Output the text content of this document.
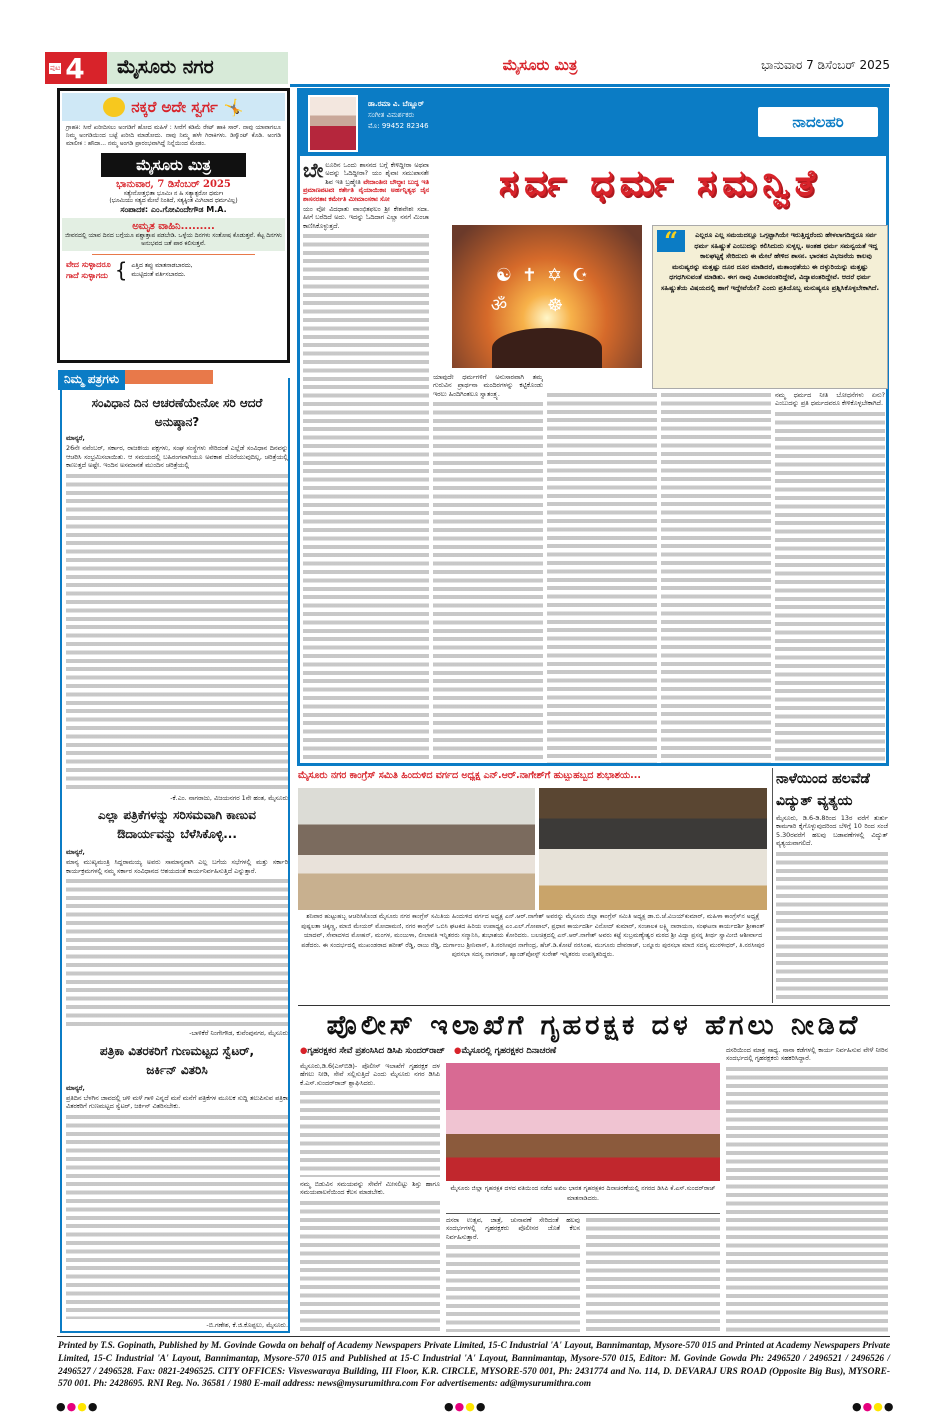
ಪುಟ 4	ಮೈಸೂರು ನಗರ	ಮೈಸೂರು ಮಿತ್ರ	ಭಾನುವಾರ 7 ಡಿಸೆಂಬರ್ 2025
ನಕ್ಕರೆ ಅದೇ ಸ್ವರ್ಗ 🤸
ಗ್ರಾಹಕಿ: ಸೀರೆ ಖರೀದಿಸಲು ಅಂಗಡಿಗೆ ಹೋದ ಮಹಿಳೆ : ಸೀರೆಗೆ ಕಡಿಮೆ ರೇಟ್ ಹಾಕಿ ಸಾರ್. ನಾವು ಯಾವಾಗಲೂ ನಿಮ್ಮ ಅಂಗಡಿಯಿಂದ ಬಟ್ಟೆ ಖರೀದಿ ಮಾಡೋದು. ನಾವು ನಿಮ್ಮ ಹಳೇ ಗಿರಾಕಿಗಳು. ಡಿಸ್ಕೌಂಟ್ ಕೊಡಿ. ಅಂಗಡಿ ಮಾಲೀಕ : ಹೌದಾ... ನಮ್ಮ ಅಂಗಡಿ ಪ್ರಾರಂಭವಾಗಿದ್ದೆ ನಿನ್ನೆಯಿಂದ ಮೇಡಂ.
ಮೈಸೂರು ಮಿತ್ರ
ಭಾನುವಾರ, 7 ಡಿಸೆಂಬರ್ 2025
ಸತ್ಯೇನೋತ್ತಭಿತಾ ಭೂಮಿಃ ನ ಹಿ ಸತ್ಯಾತ್ಪರೋ ಧರ್ಮಃ
(ಭೂಮಿಯು ಸತ್ಯದ ಮೇಲೆ ನಿಂತಿದೆ, ಸತ್ಯಕ್ಕಿಂತ ಮಿಗಿಲಾದ ಧರ್ಮವಿಲ್ಲ)
ಸಂಪಾದಕ: ಎಂ.ಗೋವಿಂದೇಗೌಡ M.A.
ಅಮೃತ ವಾಹಿನಿ.........
ಜೀವನದಲ್ಲಿ ಯಾವ ದಿನದ ಬಗ್ಗೆಯೂ ಪಶ್ಚಾತ್ತಾಪ ಪಡಬೇಡಿ. ಒಳ್ಳೆಯ ದಿನಗಳು ಸಂತೋಷ ಕೊಡುತ್ತವೆ. ಕೆಟ್ಟ ದಿನಗಳು ಅನುಭವದ ಜತೆ ಪಾಠ ಕಲಿಸುತ್ತವೆ.
ವೇದ ಸುಳ್ಳಾದರೂ
ಗಾದೆ ಸುಳ್ಳಾಗದು { ಎತ್ತಿದ ತಪ್ಪು ಮಾತನಾಡಬಾರದು,
ಮುಟ್ಟಿದಂತೆ ವರ್ತಿಸಬಾರದು.
ನಿಮ್ಮ ಪತ್ರಗಳು
ಸಂವಿಧಾನ ದಿನ ಆಚರಣೆಯೇನೋ ಸರಿ ಆದರೆ ಅನುಷ್ಠಾನ?
ಮಾನ್ಯರೆ,
26ನೇ ನವೆಂಬರ್, ಸರ್ಕಾರ, ರಾಜಕೀಯ ಪಕ್ಷಗಳು, ಸಂಘ ಸಂಸ್ಥೆಗಳು ಸೇರಿದಂತೆ ಎಲ್ಲೆಡೆ ಸಂವಿಧಾನ ದಿನವನ್ನು ಆಚರಿಸಿ ಸಂಭ್ರಮಿಸಲಾಯಿತು. ಆ ಸಮಯದಲ್ಲಿ ಬಹಿರಂಗವಾಗಿಯೂ ಅವಕಾಶ ದೊರೆಯುವುದಿಲ್ಲ, ಚರಿತ್ರೆಯಲ್ಲಿ ಕಾಣುತ್ತದೆ ಅಷ್ಟೇ. ಇಂದಿನ ಅಸಮಾನತೆ ಮುಂದಿನ ಚರಿತ್ರೆಯಲ್ಲಿ
-ಕೆ.ಎಂ. ನಾಗರಾಜು, ವಿಜಯನಗರ 1ನೇ ಹಂತ, ಮೈಸೂರು
ಎಲ್ಲಾ ಪತ್ರಿಕೆಗಳನ್ನು ಸರಿಸಮವಾಗಿ ಕಾಣುವ ಔದಾರ್ಯವನ್ನು ಬೆಳೆಸಿಕೊಳ್ಳಿ...
ಮಾನ್ಯರೆ,
ಮಾನ್ಯ ಮುಖ್ಯಮಂತ್ರಿ ಸಿದ್ದರಾಮಯ್ಯ ಅವರು ಸಾಮಾನ್ಯವಾಗಿ ಎಲ್ಲ ಬಗೆಯ ಸಭೆಗಳಲ್ಲಿ ಮತ್ತು ಸರ್ಕಾರಿ ಕಾರ್ಯಕ್ರಮಗಳಲ್ಲಿ ನಮ್ಮ ಸರ್ಕಾರ ಸಂವಿಧಾನದ ಆಶಯದಂತೆ ಕಾರ್ಯನಿರ್ವಹಿಸುತ್ತಿದೆ ಎನ್ನುತ್ತಾರೆ.
-ಬಾಳಿಕೆರೆ ನಿಂಗೇಗೌಡ, ಕುವೆಂಪುನಗರ, ಮೈಸೂರು
ಪತ್ರಿಕಾ ವಿತರಕರಿಗೆ ಗುಣಮಟ್ಟದ ಸ್ವೆಟರ್, ಜರ್ಕಿನ್ ವಿತರಿಸಿ
ಮಾನ್ಯರೆ,
ಪ್ರತಿದಿನ ಬೆಳಗಿನ ಜಾವದಲ್ಲಿ ಚಳಿ ಮಳೆ ಗಾಳಿ ಎನ್ನದೆ ಮನೆ ಮನೆಗೆ ಪತ್ರಿಕೆಗಳ ಮೂಲಕ ಸುದ್ದಿ ತಲುಪಿಸುವ ಪತ್ರಿಕಾ ವಿತರಕರಿಗೆ ಗುಣಮಟ್ಟದ ಸ್ವೆಟರ್, ಜರ್ಕಿನ್ ವಿತರಿಸಬೇಕು.
-ಬಿ.ಗಣೇಶ, ಕೆ.ಜಿ.ಕೊಪ್ಪಲು, ಮೈಸೂರು.
ಡಾ.ರಮಾ ವಿ. ಬೆಣ್ಣೂರ್
ಸಂಗೀತ ವಿಮರ್ಶಕರು
ಮೊ: 99452 82346	ನಾದಲಹರಿ
ಬೇ ಲೂರಿನ ಒಂದು ಶಾಸನದ ಬಗ್ಗೆ ಕೇಳಿದ್ದೀರಾ ಅಥವಾ ಅದನ್ನು ಓದಿದ್ದೀರಾ? ಯಂ ಶೈವಾಃ ಸಮುಪಾಸತೇ ಶಿವ ಇತಿ ಬ್ರಹ್ಮೇತಿ ವೇದಾಂತಿನಃ ಬೌದ್ಧಾಃ ಬುದ್ಧ ಇತಿ ಪ್ರಮಾಣಪಟವಃ ಕರ್ತೇತಿ ನೈಯಾಯಿಕಾಃ ಅರ್ಹನ್ನಿತ್ಯಥ ಜೈನ ಶಾಸನರತಾಃ ಕರ್ಮೇತಿ ಮೀಮಾಂಸಕಾಃ ಸೋ
ಯಂ ವೋ ವಿದಧಾತು ವಾಂಛಿತಫಲಂ ಶ್ರೀ ಕೇಶವೇಶಃ ಸದಾ. ಹೀಗೆ ಬರೆದಿದೆ ಅದು. ಇದನ್ನು ಓದಿದಾಗ ಎಲ್ಲಾ ನನಗೆ ಮಿಂಚಾ ಕಾಣಿಸಿಕೊಳ್ಳುತ್ತದೆ.
ಸರ್ವ ಧರ್ಮ ಸಮನ್ವಿತೆ
☯✝✡☪
ॐ☸
“	ಎಲ್ಲರೂ ಎಲ್ಲ ಸಮಯದಲ್ಲೂ ಒಗ್ಗಟ್ಟಾಗಿಯೇ ಇರುತ್ತಿದ್ದರೆಂದು ಹೇಳಲಾಗದಿದ್ದರೂ ಸರ್ವ ಧರ್ಮ ಸಹಿಷ್ಣುತೆ ಎಂಬುದನ್ನು ಕಲಿಸಿದುದು ಸುಳ್ಳಲ್ಲ. ಅಂತಹ ಧರ್ಮ ಸಮನ್ವಯತೆ ಇದ್ದ ಕಾಲಘಟ್ಟಕ್ಕೆ ಸೇರಿದುದು ಈ ಮೇಲೆ ಹೇಳಿದ ಶಾಸನ. ಭಾರತದ ವಿಭಜನೆಯ ಕಾಲವು ಮನುಷ್ಯರನ್ನು ಮತ್ತಷ್ಟು ದೂರ ದೂರ ಮಾಡಿದರೆ, ಮತಾಂಧತೆಯು ಈ ದಳ್ಳುರಿಯನ್ನು ಮತ್ತಷ್ಟು ಧಗಧಗಿಸುವಂತೆ ಮಾಡಿತು. ಈಗ ನಾವು ವಿಚಾರವಂತರಿದ್ದೇವೆ, ವಿದ್ಯಾವಂತರಿದ್ದೇವೆ. ಆದರೆ ಧರ್ಮ ಸಹಿಷ್ಣುತೆಯ ವಿಷಯದಲ್ಲಿ ಹಾಗೆ ಇದ್ದೇವೆಯೇ? ಎಂದು ಪ್ರತಿಯೊಬ್ಬ ಮನುಷ್ಯನೂ ಪ್ರಶ್ನಿಸಿಕೊಳ್ಳಬೇಕಾಗಿದೆ.
ಯಾವುದೇ ಧರ್ಮಗಳಿಗೆ ಅನುಸಾರವಾಗಿ ತಮ್ಮ ಗುರುವಿನ ಪ್ರಾರ್ಥನಾ ಮಂದಿರಗಳನ್ನು ಕಟ್ಟಿಕೊಂಡು ಇರಲು ಹಿಂದಿಗಿಂತಲೂ ಸ್ವಾತಂತ್ರ್ಯ.	ನಮ್ಮ ಧರ್ಮದ ನೀತಿ ಬೋಧನೆಗಳು ಏನು? ಎಂಬುದನ್ನು ಪ್ರತಿ ಧರ್ಮದವರೂ ಕೇಳಿಕೊಳ್ಳಬೇಕಾಗಿದೆ.
ಮೈಸೂರು ನಗರ ಕಾಂಗ್ರೆಸ್ ಸಮಿತಿ ಹಿಂದುಳಿದ ವರ್ಗದ ಅಧ್ಯಕ್ಷ ಎನ್.ಆರ್.ನಾಗೇಶ್‌ಗೆ ಹುಟ್ಟುಹಬ್ಬದ ಶುಭಾಶಯ...
ಶನಿವಾರ ಹುಟ್ಟುಹಬ್ಬ ಆಚರಿಸಿಕೊಂಡ ಮೈಸೂರು ನಗರ ಕಾಂಗ್ರೆಸ್ ಸಮಿತಿಯ ಹಿಂದುಳಿದ ವರ್ಗದ ಅಧ್ಯಕ್ಷ ಎನ್.ಆರ್.ನಾಗೇಶ್ ಅವರನ್ನು ಮೈಸೂರು ಜಿಲ್ಲಾ ಕಾಂಗ್ರೆಸ್ ಸಮಿತಿ ಅಧ್ಯಕ್ಷ ಡಾ.ಬಿ.ಜೆ.ವಿಜಯ್‌ಕುಮಾರ್, ಮಹಿಳಾ ಕಾಂಗ್ರೆಸ್‌ನ ಅಧ್ಯಕ್ಷೆ ಪುಷ್ಪಲತಾ ಚಿಕ್ಕಣ್ಣ, ಮಾಜಿ ಮೇಯರ್ ಮೋದಾಮಣಿ, ನಗರ ಕಾಂಗ್ರೆಸ್ ಒಬಿಸಿ ಘಟಕದ ಹಿರಿಯ ಉಪಾಧ್ಯಕ್ಷ ಎಂ.ಎಲ್.ಗೋಪಾಲ್, ಪ್ರಧಾನ ಕಾರ್ಯದರ್ಶಿ ವಿನೋದ್ ಕುಮಾರ್, ಸಂಚಾಲಕ ಲಕ್ಷ್ಮಿ ನಾರಾಯಣ, ಸಂಘಟನಾ ಕಾರ್ಯದರ್ಶಿ ಶ್ರೀಕಾಂತ್ ಯಾದವ್, ಸೇವಾದಳದ ಮೋಹನ್, ಮಂಗಳ, ಮಂಜುಳಾ, ಲೀಲಾವತಿ ಇನ್ನಿತರರು ಸನ್ಮಾನಿಸಿ, ಶುಭಾಶಯ ಕೋರಿದರು. ಬಲಚಿತ್ರದಲ್ಲಿ ಎನ್.ಆರ್.ನಾಗೇಶ್ ಅವರು ಕಟ್ಟೆ ಸುಬ್ರಮಣ್ಯೇಶ್ವರ ಮಠದ ಶ್ರೀ ವಿದ್ಯಾ ಪ್ರಸನ್ನ ತೀರ್ಥ ಸ್ವಾಮೀಜಿ ಆಶೀರ್ವಾದ ಪಡೆದರು. ಈ ಸಂದರ್ಭದಲ್ಲಿ ಮುಖಂಡರಾದ ಹರೀಶ್ ರೆಡ್ಡಿ, ರಾಜು ರೆಡ್ಡಿ, ದುರ್ಗಾಂಬ ಶ್ರೀನಿವಾಸ್, ತಿ.ನರಸೀಪುರ ನಾಗೇಂದ್ರ, ಹೆಚ್.ಡಿ.ಕೋಟೆ ನರಸಿಂಹ, ಮುಗೂರು ದೇವರಾಜ್, ಬನ್ನೂರು ಪುರಸಭಾ ಮಾಜಿ ಸದಸ್ಯ ಮುರಳೀಧರ್, ತಿ.ನರಸೀಪುರ ಪುರಸಭಾ ಸದಸ್ಯ ನಾಗರಾಜ್, ಹ್ಯಾಂಡ್‌ಪೋಸ್ಟ್ ಸುರೇಶ್ ಇನ್ನಿತರರು ಉಪಸ್ಥಿತರಿದ್ದರು.
ನಾಳೆಯಿಂದ ಹಲವೆಡೆ ವಿದ್ಯುತ್ ವ್ಯತ್ಯಯ
ಮೈಸೂರು, ಡಿ.6-ಡಿ.8ರಿಂದ 13ರ ವರೆಗೆ ತುರ್ತು ಕಾಮಗಾರಿ ಕೈಗೊಳ್ಳುವುದರಿಂದ ಬೆಳಿಗ್ಗೆ 10 ರಿಂದ ಸಂಜೆ 5.30ರವರೆಗೆ ಹಲವು ಬಡಾವಣೆಗಳಲ್ಲಿ ವಿದ್ಯುತ್ ವ್ಯತ್ಯಯವಾಗಲಿದೆ.
ಪೊಲೀಸ್ ಇಲಾಖೆಗೆ ಗೃಹರಕ್ಷಕ ದಳ ಹೆಗಲು ನೀಡಿದೆ
●ಗೃಹರಕ್ಷಕರ ಸೇವೆ ಪ್ರಶಂಸಿಸಿದ ಡಿಸಿಪಿ ಸುಂದರ್‌ರಾಜ್ ●ಮೈಸೂರಲ್ಲಿ ಗೃಹರಕ್ಷಕರ ದಿನಾಚರಣೆ
ಮೈಸೂರು,ಡಿ.6(ಎಸ್‌ಬಿಡಿ)- ಪೊಲೀಸ್ ಇಲಾಖೆಗೆ ಗೃಹರಕ್ಷಕ ದಳ ಹೆಗಲು ನೀಡಿ, ಸೇವೆ ಸಲ್ಲಿಸುತ್ತಿದೆ ಎಂದು ಮೈಸೂರು ನಗರ ಡಿಸಿಪಿ ಕೆ.ಎಸ್.ಸುಂದರ್‌ರಾಜ್ ಶ್ಲಾಘಿಸಿದರು.
ಮೈಸೂರು ಜಿಲ್ಲಾ ಗೃಹರಕ್ಷಕ ದಳದ ವತಿಯಿಂದ ನಡೆದ ಅಖಿಲ ಭಾರತ ಗೃಹರಕ್ಷಕರ ದಿನಾಚರಣೆಯಲ್ಲಿ ನಗರದ ಡಿಸಿಪಿ ಕೆ.ಎಸ್.ಸುಂದರ್‌ರಾಜ್ ಮಾತನಾಡಿದರು.
ನಮ್ಮ ಬಿಡುವಿನ ಸಮಯವನ್ನು ಸೇವೆಗೆ ಮೀಸಲಿಟ್ಟು ಶಿಸ್ತು ಹಾಗೂ ಸಮಯಪಾಲನೆಯಿಂದ ಕೆಲಸ ಮಾಡಬೇಕು.
ದಸರಾ ಉತ್ಸವ, ಜಾತ್ರೆ, ಚುನಾವಣೆ ಸೇರಿದಂತೆ ಹಲವು ಸಂದರ್ಭಗಳಲ್ಲಿ ಗೃಹರಕ್ಷಕರು ಪೊಲೀಸರ ಜೊತೆ ಕೆಲಸ ನಿರ್ವಹಿಸುತ್ತಾರೆ.
ದಸರಿಯಿಂದ ಮಾತ್ರ ಸಾಧ್ಯ. ನಾನಾ ಕಡೆಗಳಲ್ಲಿ ಕಾರ್ಯ ನಿರ್ವಹಿಸುವ ವೇಳೆ ನೀರಿನ ಸಂದರ್ಭದಲ್ಲಿ ಗೃಹರಕ್ಷಕರು ಸಹಕರಿಸಿದ್ದಾರೆ.
Printed by T.S. Gopinath, Published by M. Govinde Gowda on behalf of Academy Newspapers Private Limited, 15-C Industrial 'A' Layout, Bannimantap, Mysore-570 015 and Printed at Academy Newspapers Private Limited, 15-C Industrial 'A' Layout, Bannimantap, Mysore-570 015 and Published at 15-C Industrial 'A' Layout, Bannimantap, Mysore-570 015, Editor: M. Govinde Gowda Ph: 2496520 / 2496521 / 2496526 / 2496527 / 2496528. Fax: 0821-2496525. CITY OFFICES: Visveswaraya Building, III Floor, K.R. CIRCLE, MYSORE-570 001, Ph: 2431774 and No. 114, D. DEVARAJ URS ROAD (Opposite Big Bus), MYSORE-570 001. Ph: 2428695. RNI Reg. No. 36581 / 1980 E-mail address: news@mysurumithra.com For advertisements: ad@mysurumithra.com
●●●●	●●●●	●●●●
